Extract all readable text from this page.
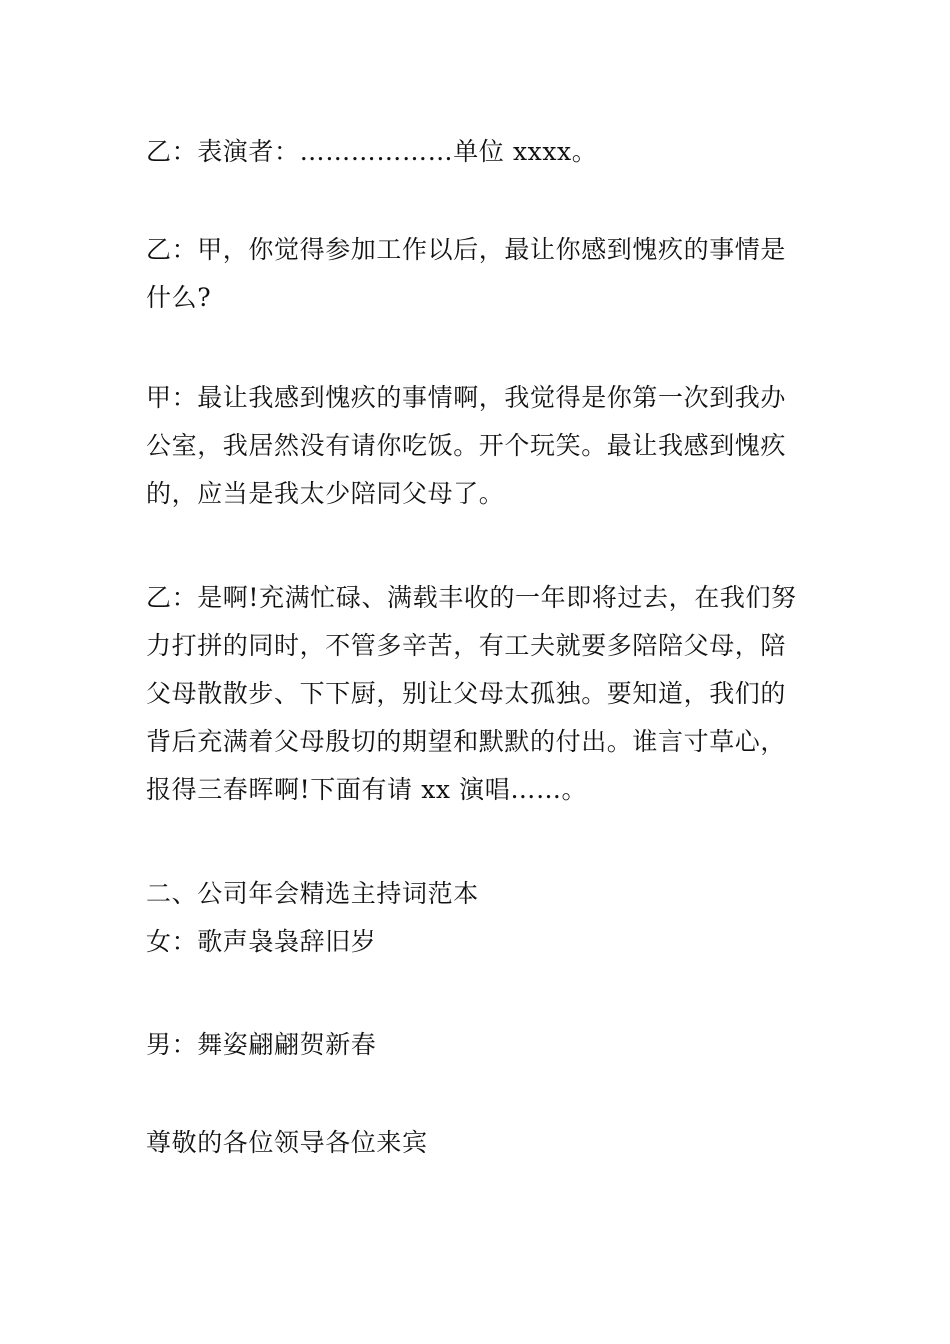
乙：表演者：………………单位 xxxx。

乙：甲，你觉得参加工作以后，最让你感到愧疚的事情是
什么?

甲：最让我感到愧疚的事情啊，我觉得是你第一次到我办
公室，我居然没有请你吃饭。开个玩笑。最让我感到愧疚
的，应当是我太少陪同父母了。

乙：是啊!充满忙碌、满载丰收的一年即将过去，在我们努
力打拼的同时，不管多辛苦，有工夫就要多陪陪父母，陪
父母散散步、下下厨，别让父母太孤独。要知道，我们的
背后充满着父母殷切的期望和默默的付出。谁言寸草心，
报得三春晖啊!下面有请 xx 演唱……。

二、公司年会精选主持词范本
女：歌声袅袅辞旧岁

男：舞姿翩翩贺新春

尊敬的各位领导各位来宾
